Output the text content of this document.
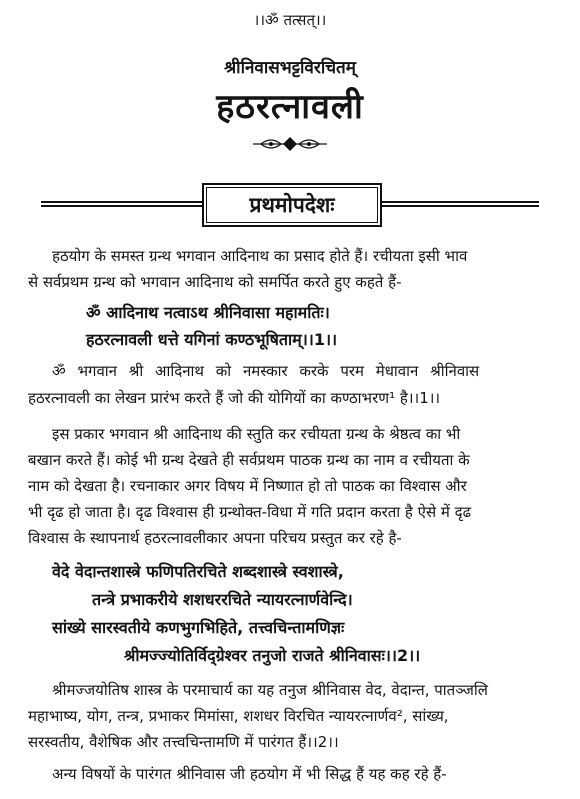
।।ॐ तत्सत्।।
श्रीनिवासभट्टविरचितम्
हठरत्नावली
प्रथमोपदेशः
हठयोग के समस्त ग्रन्थ भगवान आदिनाथ का प्रसाद होते हैं। रचीयता इसी भाव
से सर्वप्रथम ग्रन्थ को भगवान आदिनाथ को समर्पित करते हुए कहते हैं-
ॐ आदिनाथ नत्वाऽथ श्रीनिवासा महामतिः।
हठरत्नावली धत्ते यगिनां कण्ठभूषिताम्।।1।।
ॐ भगवान श्री आदिनाथ को नमस्कार करके परम मेधावान श्रीनिवास
हठरत्नावली का लेखन प्रारंभ करते हैं जो की योगियों का कण्ठाभरण¹ है।।1।।
इस प्रकार भगवान श्री आदिनाथ की स्तुति कर रचीयता ग्रन्थ के श्रेष्ठत्व का भी
बखान करते हैं। कोई भी ग्रन्थ देखते ही सर्वप्रथम पाठक ग्रन्थ का नाम व रचीयता के
नाम को देखता है। रचनाकार अगर विषय में निष्णात हो तो पाठक का विश्वास और
भी दृढ हो जाता है। दृढ विश्वास ही ग्रन्थोक्त-विधा में गति प्रदान करता है ऐसे में दृढ
विश्वास के स्थापनार्थ हठरत्नावलीकार अपना परिचय प्रस्तुत कर रहे है-
वेदे वेदान्तशास्त्रे फणिपतिरचिते शब्दशास्त्रे स्वशास्त्रे,
तन्त्रे प्रभाकरीये शशधररचिते न्यायरत्नार्णवेन्दि।
सांख्ये सारस्वतीये कणभुगभिहिते, तत्त्वचिन्तामणिज्ञः
श्रीमज्ज्योतिर्विद्ग्रेश्वर तनुजो राजते श्रीनिवासः।।2।।
श्रीमज्जयोतिष शास्त्र के परमाचार्य का यह तनुज श्रीनिवास वेद, वेदान्त, पातञ्जलि
महाभाष्य, योग, तन्त्र, प्रभाकर मिमांसा, शशधर विरचित न्यायरत्नार्णव², सांख्य,
सरस्वतीय, वैशेषिक और तत्त्वचिन्तामणि में पारंगत हैं।।2।।
अन्य विषयों के पारंगत श्रीनिवास जी हठयोग में भी सिद्ध हैं यह कह रहे हैं-
